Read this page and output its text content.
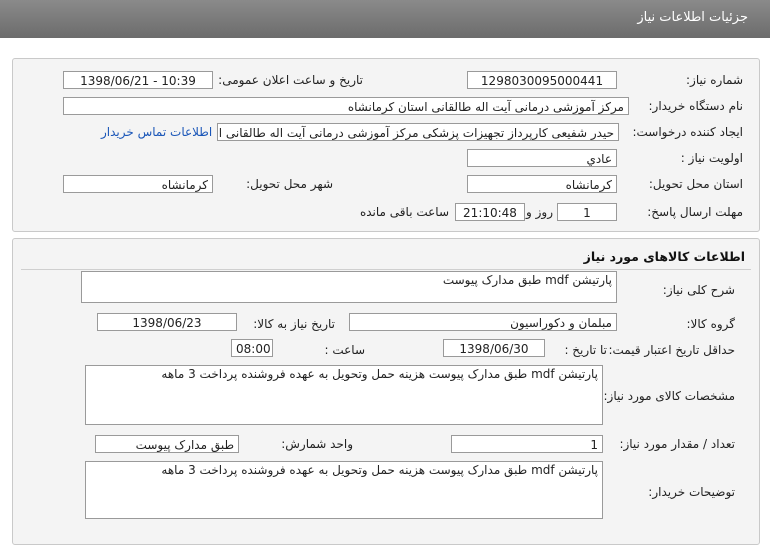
جزئیات اطلاعات نیاز
شماره نیاز:
1298030095000441
تاریخ و ساعت اعلان عمومی:
1398/06/21 - 10:39
نام دستگاه خریدار:
مرکز آموزشی درمانی آیت اله طالقانی استان کرمانشاه
ایجاد کننده درخواست:
حیدر شفیعی کارپرداز تجهیزات پزشکی مرکز آموزشی درمانی آیت اله طالقانی ا
اطلاعات تماس خریدار
اولویت نیاز :
عادي
استان محل تحویل:
کرمانشاه
شهر محل تحویل:
کرمانشاه
مهلت ارسال پاسخ:
1
روز و
21:10:48
ساعت باقی مانده
اطلاعات کالاهای مورد نیاز
شرح کلی نیاز:
پارتیشن mdf طبق مدارک پیوست
گروه کالا:
مبلمان و دکوراسیون
تاریخ نیاز به کالا:
1398/06/23
حداقل تاریخ اعتبار قیمت:
تا تاریخ :
1398/06/30
ساعت :
08:00
مشخصات کالای مورد نیاز:
پارتیشن mdf طبق مدارک پیوست هزینه حمل وتحویل به عهده فروشنده پرداخت 3 ماهه
تعداد / مقدار مورد نیاز:
1
واحد شمارش:
طبق مدارک پیوست
توضیحات خریدار:
پارتیشن mdf طبق مدارک پیوست هزینه حمل وتحویل به عهده فروشنده پرداخت 3 ماهه
